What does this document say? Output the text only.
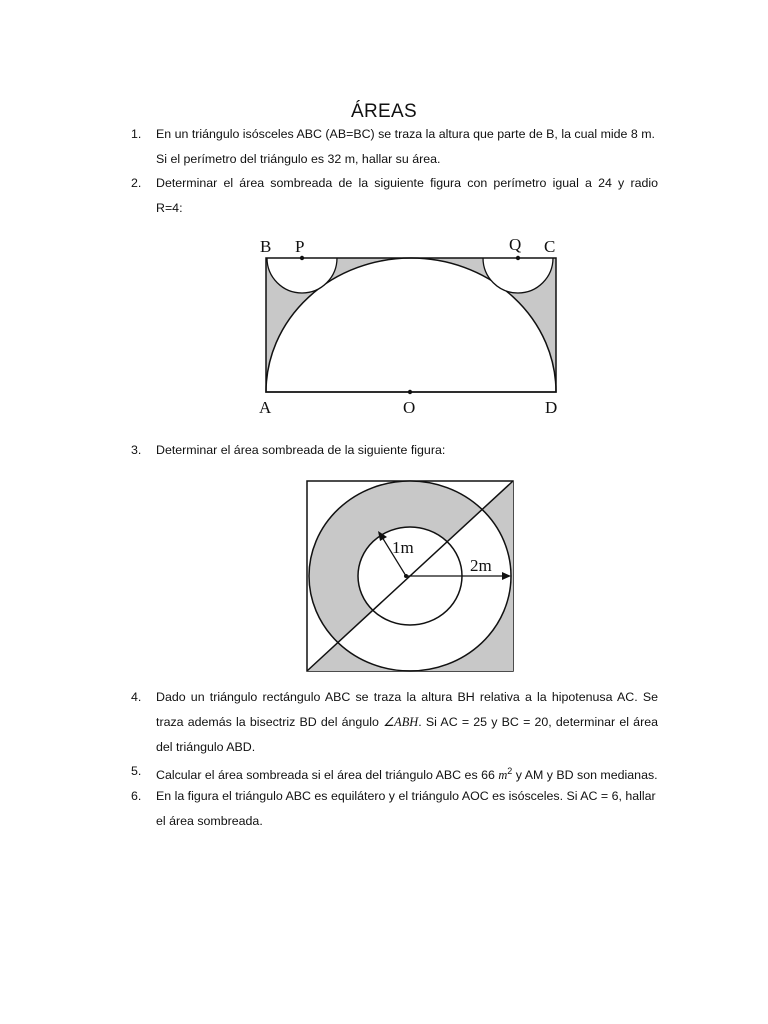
ÁREAS
1. En un triángulo isósceles ABC (AB=BC) se traza la altura que parte de B, la cual mide 8 m.
Si el perímetro del triángulo es 32 m, hallar su área.
2. Determinar el área sombreada de la siguiente figura con perímetro igual a 24 y radio
R=4:
B P	Q C
A	O	D
3. Determinar el área sombreada de la siguiente figura:
1m
2m
4. Dado un triángulo rectángulo ABC se traza la altura BH relativa a la hipotenusa AC. Se
traza además la bisectriz BD del ángulo ∠ABH. Si AC = 25 y BC = 20, determinar el área
del triángulo ABD.
5. Calcular el área sombreada si el área del triángulo ABC es 66 $m^2$ y AM y BD son medianas.
6. En la figura el triángulo ABC es equilátero y el triángulo AOC es isósceles. Si AC = 6, hallar
el área sombreada.
